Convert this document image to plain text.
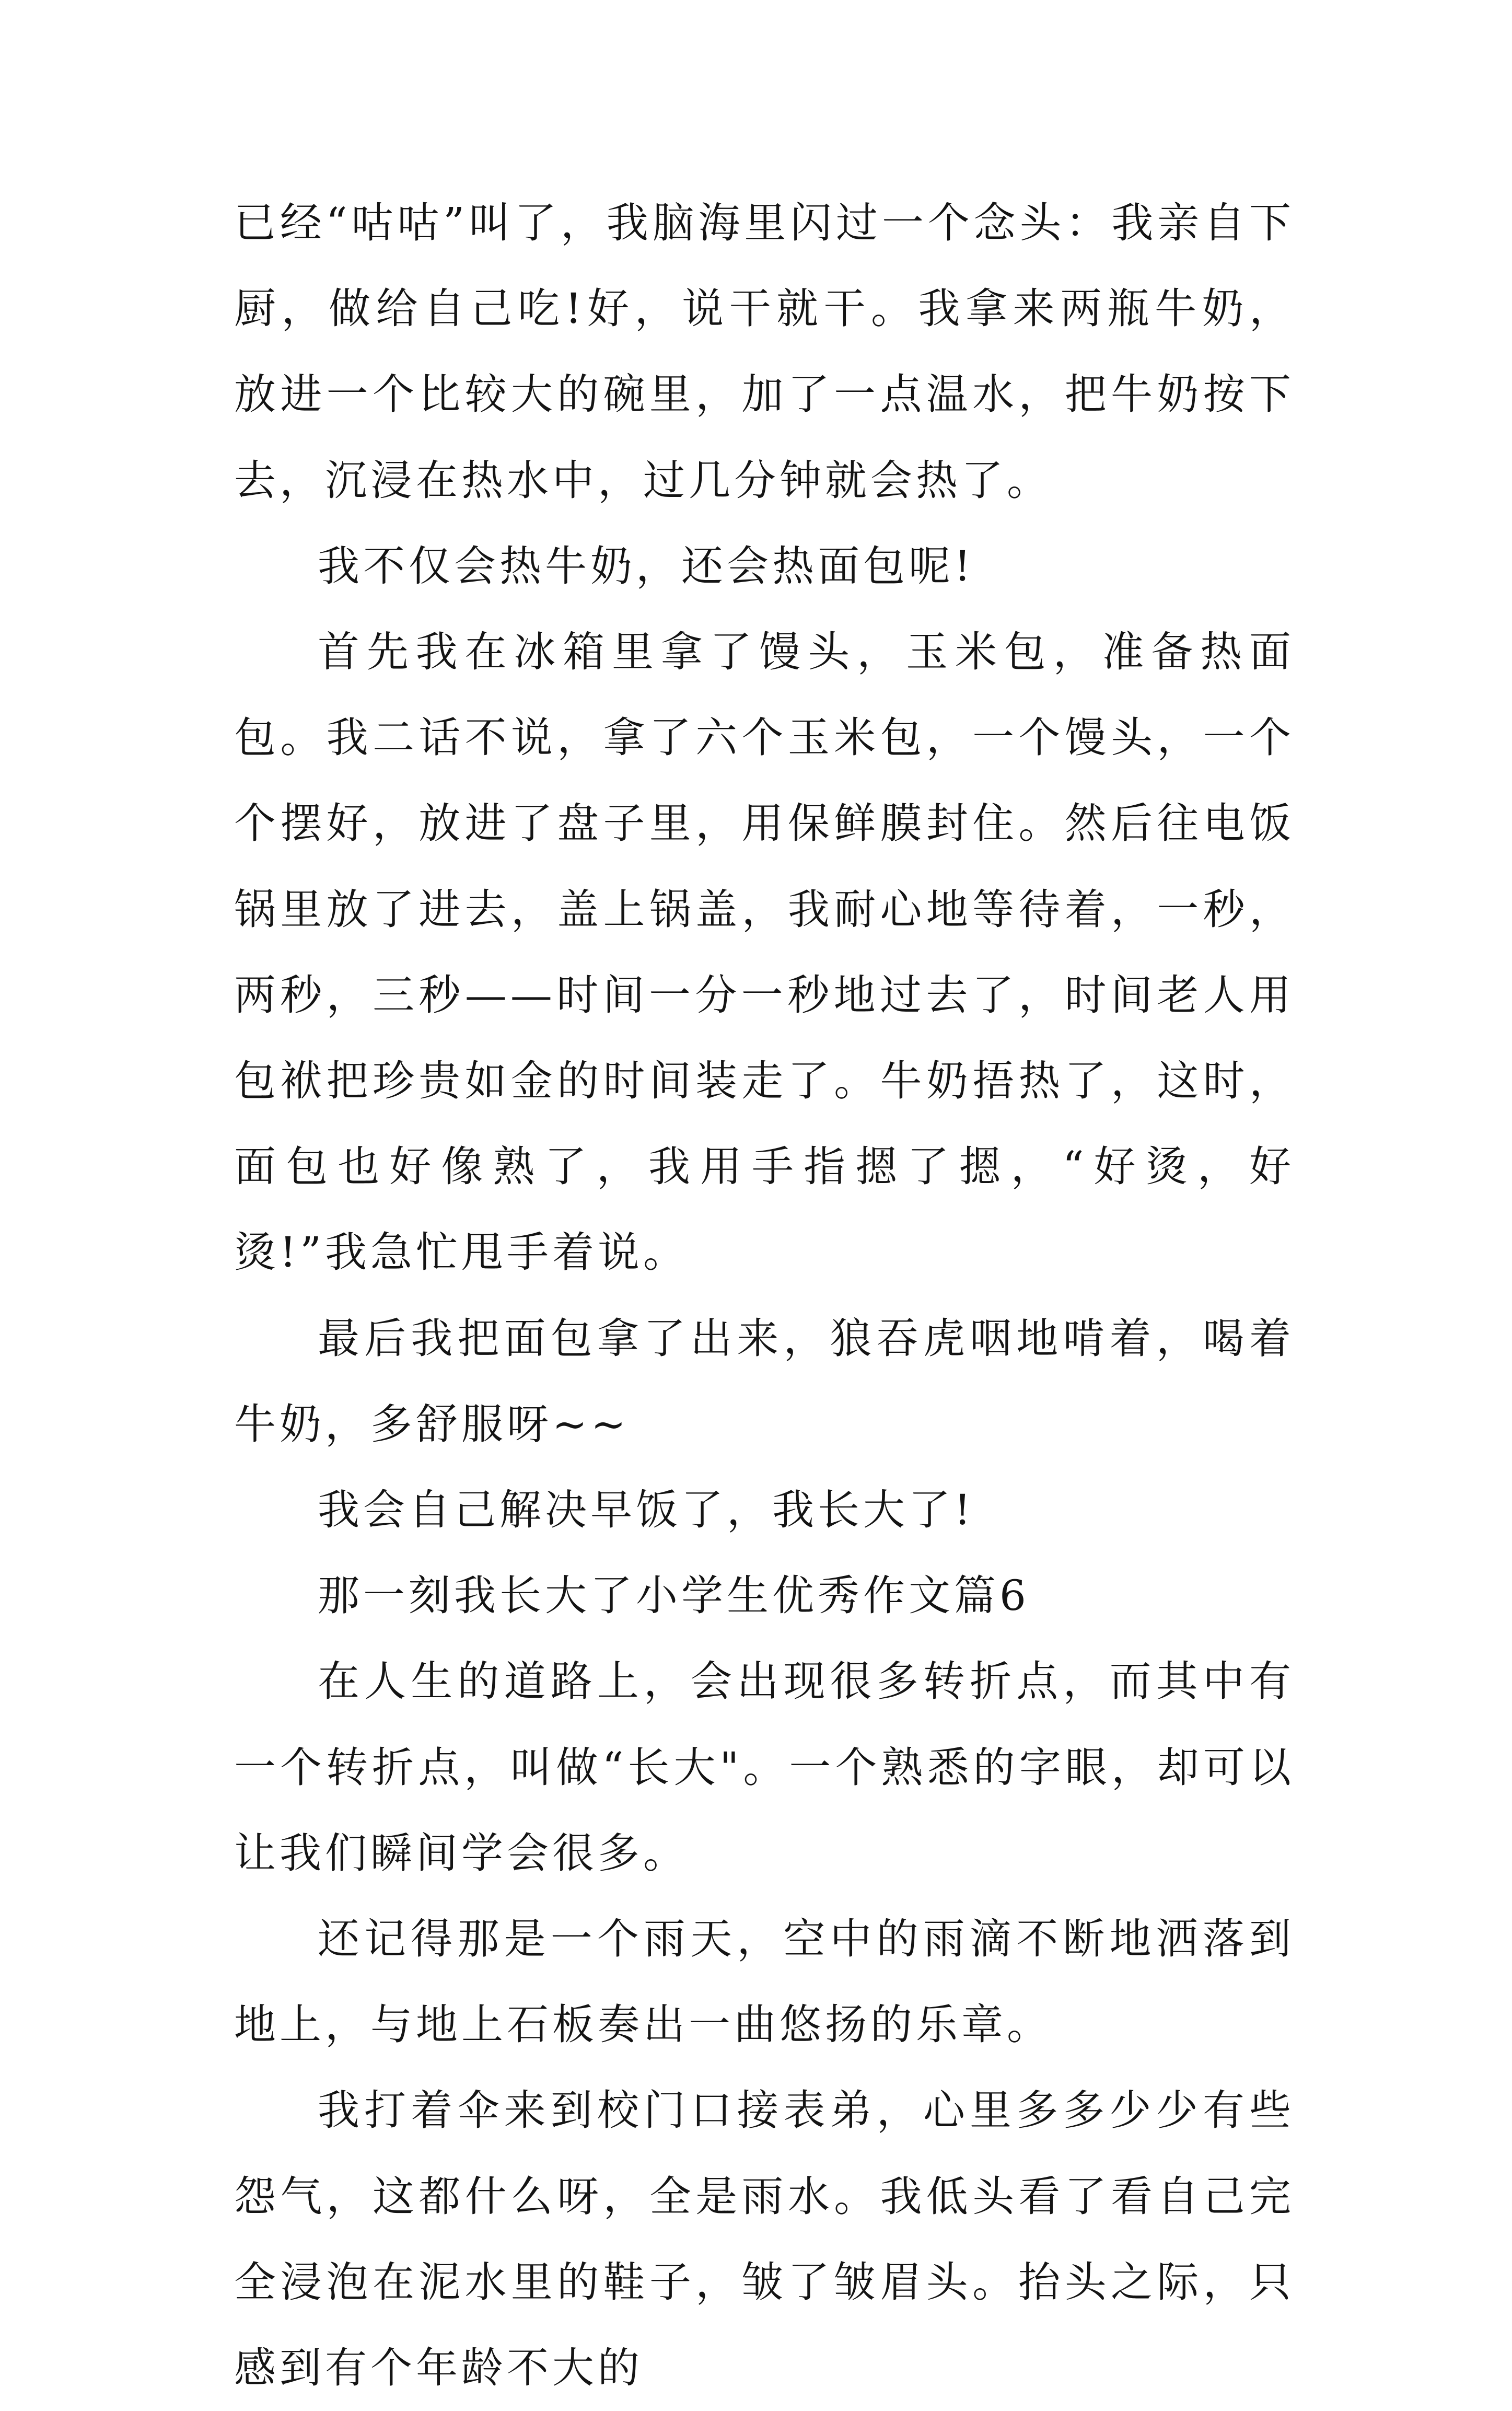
已经“咕咕”叫了，我脑海里闪过一个念头：我亲自下厨，做给自己吃!好，说干就干。我拿来两瓶牛奶，放进一个比较大的碗里，加了一点温水，把牛奶按下去，沉浸在热水中，过几分钟就会热了。

我不仅会热牛奶，还会热面包呢!

首先我在冰箱里拿了馒头，玉米包，准备热面包。我二话不说，拿了六个玉米包，一个馒头，一个个摆好，放进了盘子里，用保鲜膜封住。然后往电饭锅里放了进去，盖上锅盖，我耐心地等待着，一秒，两秒，三秒——时间一分一秒地过去了，时间老人用包袱把珍贵如金的时间装走了。牛奶捂热了，这时，面包也好像熟了，我用手指摁了摁，“好烫，好烫!”我急忙甩手着说。

最后我把面包拿了出来，狼吞虎咽地啃着，喝着牛奶，多舒服呀~~

我会自己解决早饭了，我长大了!

那一刻我长大了小学生优秀作文篇6

在人生的道路上，会出现很多转折点，而其中有一个转折点，叫做“长大"。一个熟悉的字眼，却可以让我们瞬间学会很多。

还记得那是一个雨天，空中的雨滴不断地洒落到地上，与地上石板奏出一曲悠扬的乐章。

我打着伞来到校门口接表弟，心里多多少少有些怨气，这都什么呀，全是雨水。我低头看了看自己完全浸泡在泥水里的鞋子，皱了皱眉头。抬头之际，只感到有个年龄不大的
